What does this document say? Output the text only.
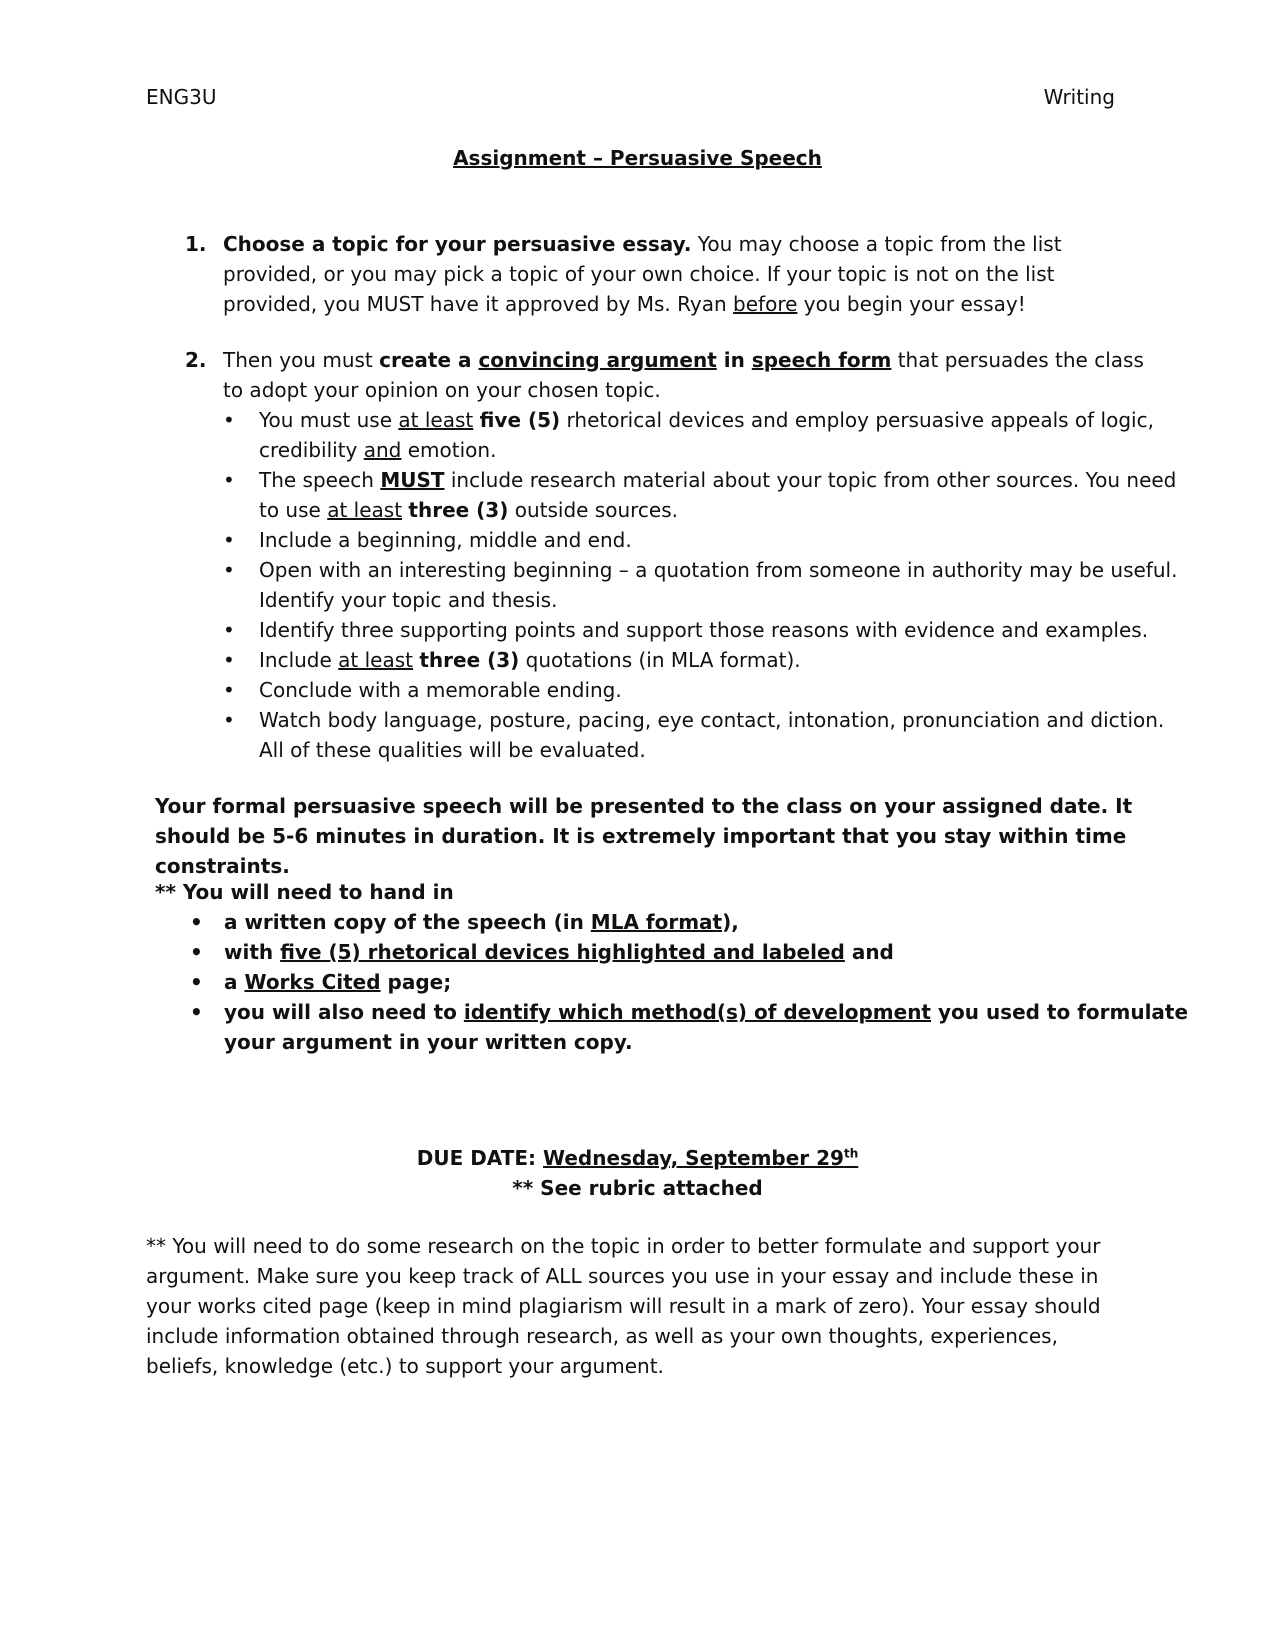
ENG3U	Writing
Assignment – Persuasive Speech
1. Choose a topic for your persuasive essay. You may choose a topic from the list provided, or you may pick a topic of your own choice. If your topic is not on the list provided, you MUST have it approved by Ms. Ryan before you begin your essay!
2. Then you must create a convincing argument in speech form that persuades the class to adopt your opinion on your chosen topic.
• You must use at least five (5) rhetorical devices and employ persuasive appeals of logic, credibility and emotion.
• The speech MUST include research material about your topic from other sources. You need to use at least three (3) outside sources.
• Include a beginning, middle and end.
• Open with an interesting beginning – a quotation from someone in authority may be useful. Identify your topic and thesis.
• Identify three supporting points and support those reasons with evidence and examples.
• Include at least three (3) quotations (in MLA format).
• Conclude with a memorable ending.
• Watch body language, posture, pacing, eye contact, intonation, pronunciation and diction. All of these qualities will be evaluated.
Your formal persuasive speech will be presented to the class on your assigned date. It should be 5-6 minutes in duration. It is extremely important that you stay within time constraints.
** You will need to hand in
• a written copy of the speech (in MLA format),
• with five (5) rhetorical devices highlighted and labeled and
• a Works Cited page;
• you will also need to identify which method(s) of development you used to formulate your argument in your written copy.
DUE DATE: Wednesday, September 29th
** See rubric attached
** You will need to do some research on the topic in order to better formulate and support your argument. Make sure you keep track of ALL sources you use in your essay and include these in your works cited page (keep in mind plagiarism will result in a mark of zero). Your essay should include information obtained through research, as well as your own thoughts, experiences, beliefs, knowledge (etc.) to support your argument.
